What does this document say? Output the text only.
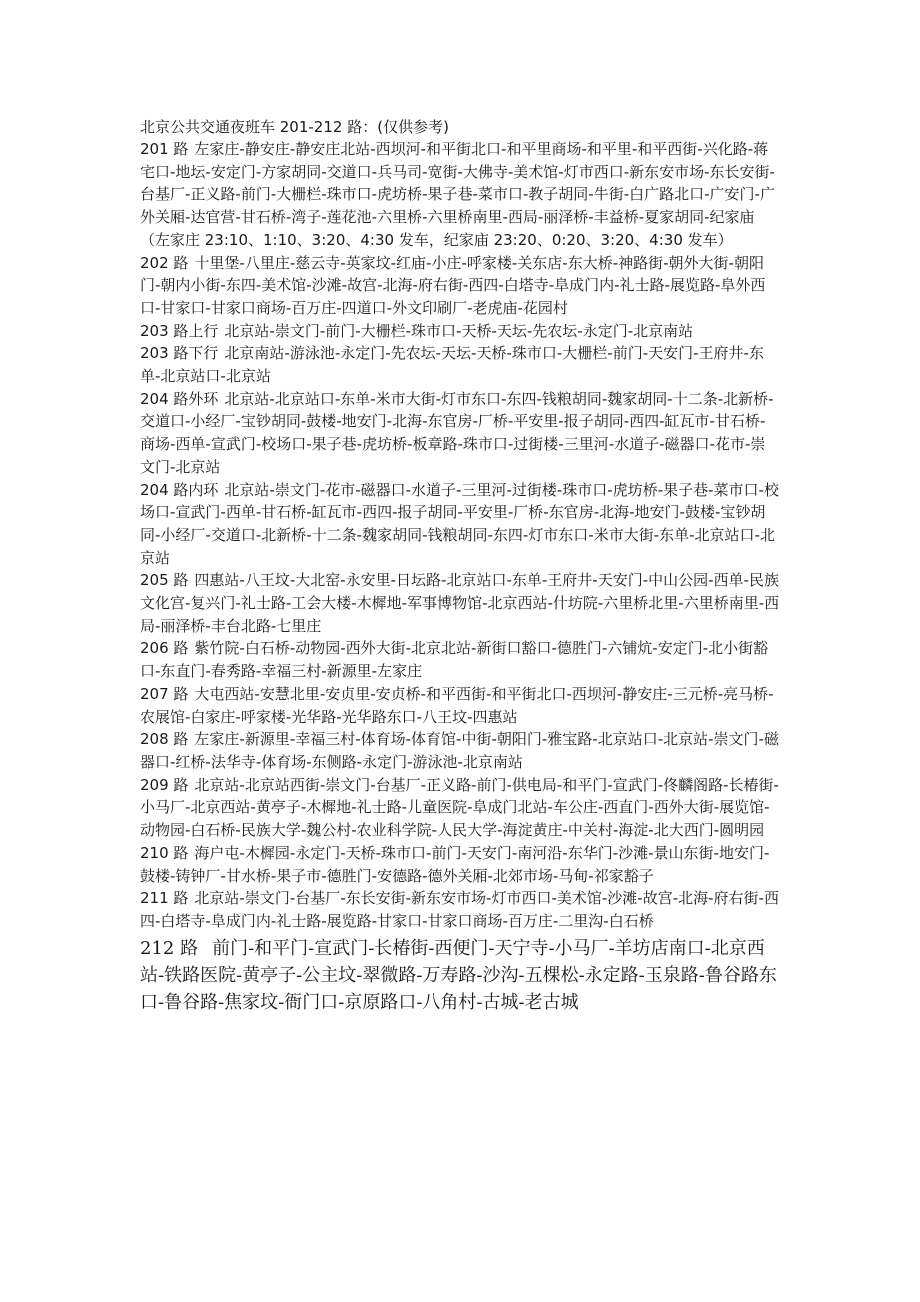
北京公共交通夜班车 201-212 路：(仅供参考)

201 路 左家庄-静安庄-静安庄北站-西坝河-和平街北口-和平里商场-和平里-和平西街-兴化路-蒋宅口-地坛-安定门-方家胡同-交道口-兵马司-宽街-大佛寺-美术馆-灯市西口-新东安市场-东长安街-台基厂-正义路-前门-大栅栏-珠市口-虎坊桥-果子巷-菜市口-教子胡同-牛街-白广路北口-广安门-广外关厢-达官营-甘石桥-湾子-莲花池-六里桥-六里桥南里-西局-丽泽桥-丰益桥-夏家胡同-纪家庙（左家庄 23:10、1:10、3:20、4:30 发车，纪家庙 23:20、0:20、3:20、4:30 发车）

202 路 十里堡-八里庄-慈云寺-英家坟-红庙-小庄-呼家楼-关东店-东大桥-神路街-朝外大街-朝阳门-朝内小街-东四-美术馆-沙滩-故宫-北海-府右街-西四-白塔寺-阜成门内-礼士路-展览路-阜外西口-甘家口-甘家口商场-百万庄-四道口-外文印刷厂-老虎庙-花园村

203 路上行 北京站-崇文门-前门-大栅栏-珠市口-天桥-天坛-先农坛-永定门-北京南站

203 路下行 北京南站-游泳池-永定门-先农坛-天坛-天桥-珠市口-大栅栏-前门-天安门-王府井-东单-北京站口-北京站

204 路外环 北京站-北京站口-东单-米市大街-灯市东口-东四-钱粮胡同-魏家胡同-十二条-北新桥-交道口-小经厂-宝钞胡同-鼓楼-地安门-北海-东官房-厂桥-平安里-报子胡同-西四-缸瓦市-甘石桥-商场-西单-宣武门-校场口-果子巷-虎坊桥-板章路-珠市口-过街楼-三里河-水道子-磁器口-花市-崇文门-北京站

204 路内环 北京站-崇文门-花市-磁器口-水道子-三里河-过街楼-珠市口-虎坊桥-果子巷-菜市口-校场口-宣武门-西单-甘石桥-缸瓦市-西四-报子胡同-平安里-厂桥-东官房-北海-地安门-鼓楼-宝钞胡同-小经厂-交道口-北新桥-十二条-魏家胡同-钱粮胡同-东四-灯市东口-米市大街-东单-北京站口-北京站

205 路 四惠站-八王坟-大北窑-永安里-日坛路-北京站口-东单-王府井-天安门-中山公园-西单-民族文化宫-复兴门-礼士路-工会大楼-木樨地-军事博物馆-北京西站-什坊院-六里桥北里-六里桥南里-西局-丽泽桥-丰台北路-七里庄

206 路 紫竹院-白石桥-动物园-西外大街-北京北站-新街口豁口-德胜门-六铺炕-安定门-北小街豁口-东直门-春秀路-幸福三村-新源里-左家庄

207 路 大屯西站-安慧北里-安贞里-安贞桥-和平西街-和平街北口-西坝河-静安庄-三元桥-亮马桥-农展馆-白家庄-呼家楼-光华路-光华路东口-八王坟-四惠站

208 路 左家庄-新源里-幸福三村-体育场-体育馆-中街-朝阳门-雅宝路-北京站口-北京站-崇文门-磁器口-红桥-法华寺-体育场-东侧路-永定门-游泳池-北京南站

209 路 北京站-北京站西街-崇文门-台基厂-正义路-前门-供电局-和平门-宣武门-佟麟阁路-长椿街-小马厂-北京西站-黄亭子-木樨地-礼士路-儿童医院-阜成门北站-车公庄-西直门-西外大街-展览馆-动物园-白石桥-民族大学-魏公村-农业科学院-人民大学-海淀黄庄-中关村-海淀-北大西门-圆明园

210 路 海户屯-木樨园-永定门-天桥-珠市口-前门-天安门-南河沿-东华门-沙滩-景山东街-地安门-鼓楼-铸钟厂-甘水桥-果子市-德胜门-安德路-德外关厢-北郊市场-马甸-祁家豁子

211 路 北京站-崇文门-台基厂-东长安街-新东安市场-灯市西口-美术馆-沙滩-故宫-北海-府右街-西四-白塔寺-阜成门内-礼士路-展览路-甘家口-甘家口商场-百万庄-二里沟-白石桥

212 路 前门-和平门-宣武门-长椿街-西便门-天宁寺-小马厂-羊坊店南口-北京西站-铁路医院-黄亭子-公主坟-翠微路-万寿路-沙沟-五棵松-永定路-玉泉路-鲁谷路东口-鲁谷路-焦家坟-衙门口-京原路口-八角村-古城-老古城
